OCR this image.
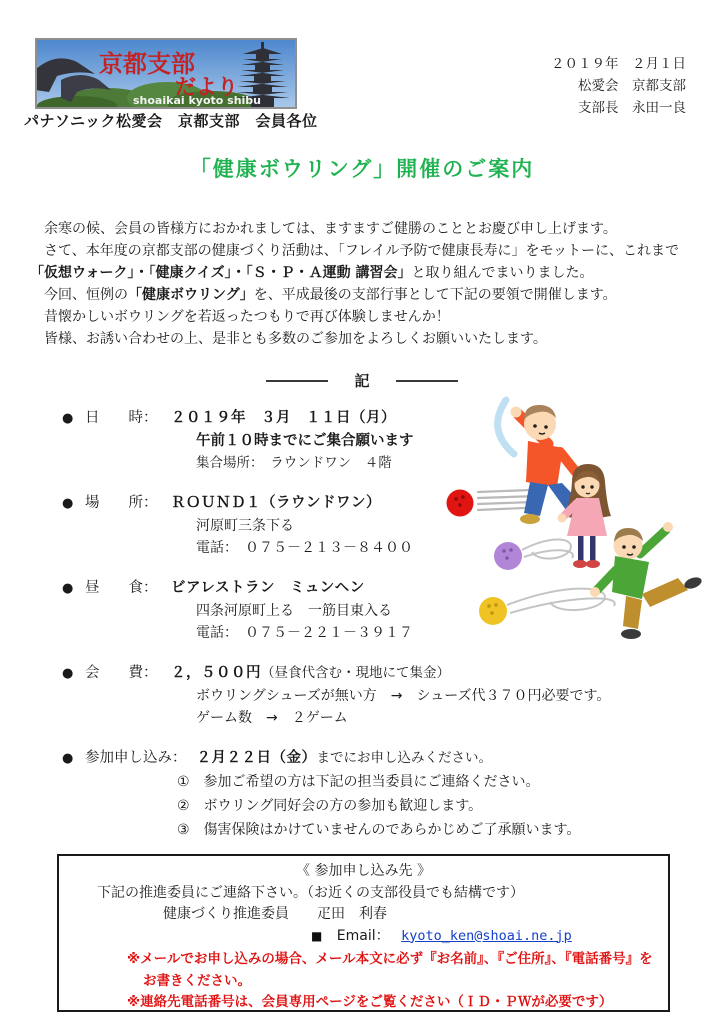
京都支部
だより
shoaikai kyoto shibu
パナソニック松愛会　京都支部　会員各位
２０１９年　２月１日
松愛会　京都支部
支部長　永田一良
「健康ボウリング」開催のご案内
　余寒の候、会員の皆様方におかれましては、ますますご健勝のこととお慶び申し上げます。
　さて、本年度の京都支部の健康づくり活動は、「フレイル予防で健康長寿に」をモットーに、これまで
「仮想ウォーク」・「健康クイズ」・「Ｓ・Ｐ・Ａ運動 講習会」と取り組んでまいりました。
　今回、恒例の「健康ボウリング」を、平成最後の支部行事として下記の要領で開催します。
　昔懐かしいボウリングを若返ったつもりで再び体験しませんか！
　皆様、お誘い合わせの上、是非とも多数のご参加をよろしくお願いいたします。
記
● 日　　時： ２０１９年　３月　１１日（月）
午前１０時までにご集合願います
集合場所：　ラウンドワン　４階
● 場　　所： ＲＯＵＮＤ１（ラウンドワン）
河原町三条下る
電話：　０７５－２１３－８４００
● 昼　　食： ビアレストラン　ミュンヘン
四条河原町上る　一筋目東入る
電話：　０７５－２２１－３９１７
● 会　　費： ２，５００円 （昼食代含む・現地にて集金）
ボウリングシューズが無い方　→　シューズ代３７０円必要です。
ゲーム数　→　２ゲーム
● 参加申し込み： ２月２２日（金） までにお申し込みください。
①　参加ご希望の方は下記の担当委員にご連絡ください。
②　ボウリング同好会の方の参加も歓迎します。
③　傷害保険はかけていませんのであらかじめご了承願います。
《 参加申し込み先 》
下記の推進委員にご連絡下さい。（お近くの支部役員でも結構です）
健康づくり推進委員　　疋田　利春
■ Email：　 kyoto_ken@shoai.ne.jp
※メールでお申し込みの場合、メール本文に必ず『お名前』、『ご住所』、『電話番号』を
お書きください。
※連絡先電話番号は、会員専用ページをご覧ください（ＩＤ・ＰＷが必要です）
